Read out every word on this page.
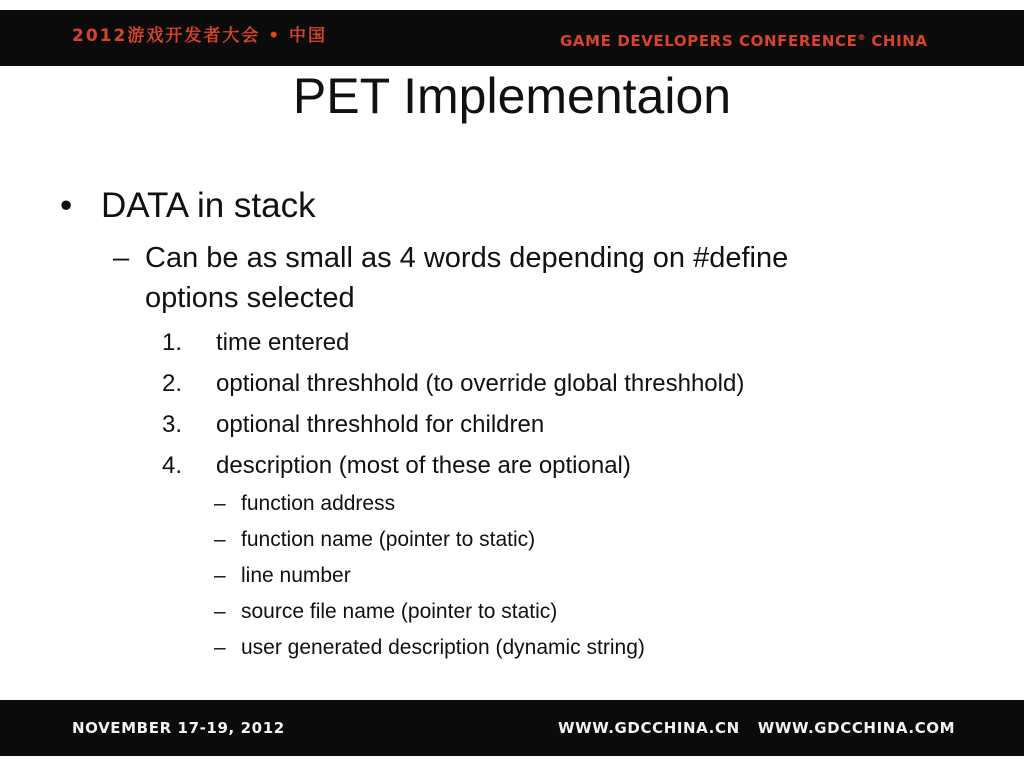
2012游戏开发者大会 • 中国	GAME DEVELOPERS CONFERENCE® CHINA
PET Implementaion
• DATA in stack
– Can be as small as 4 words depending on #define
options selected
1. time entered
2. optional threshhold (to override global threshhold)
3. optional threshhold for children
4. description (most of these are optional)
– function address
– function name (pointer to static)
– line number
– source file name (pointer to static)
– user generated description (dynamic string)
NOVEMBER 17-19, 2012	WWW.GDCCHINA.CN WWW.GDCCHINA.COM
